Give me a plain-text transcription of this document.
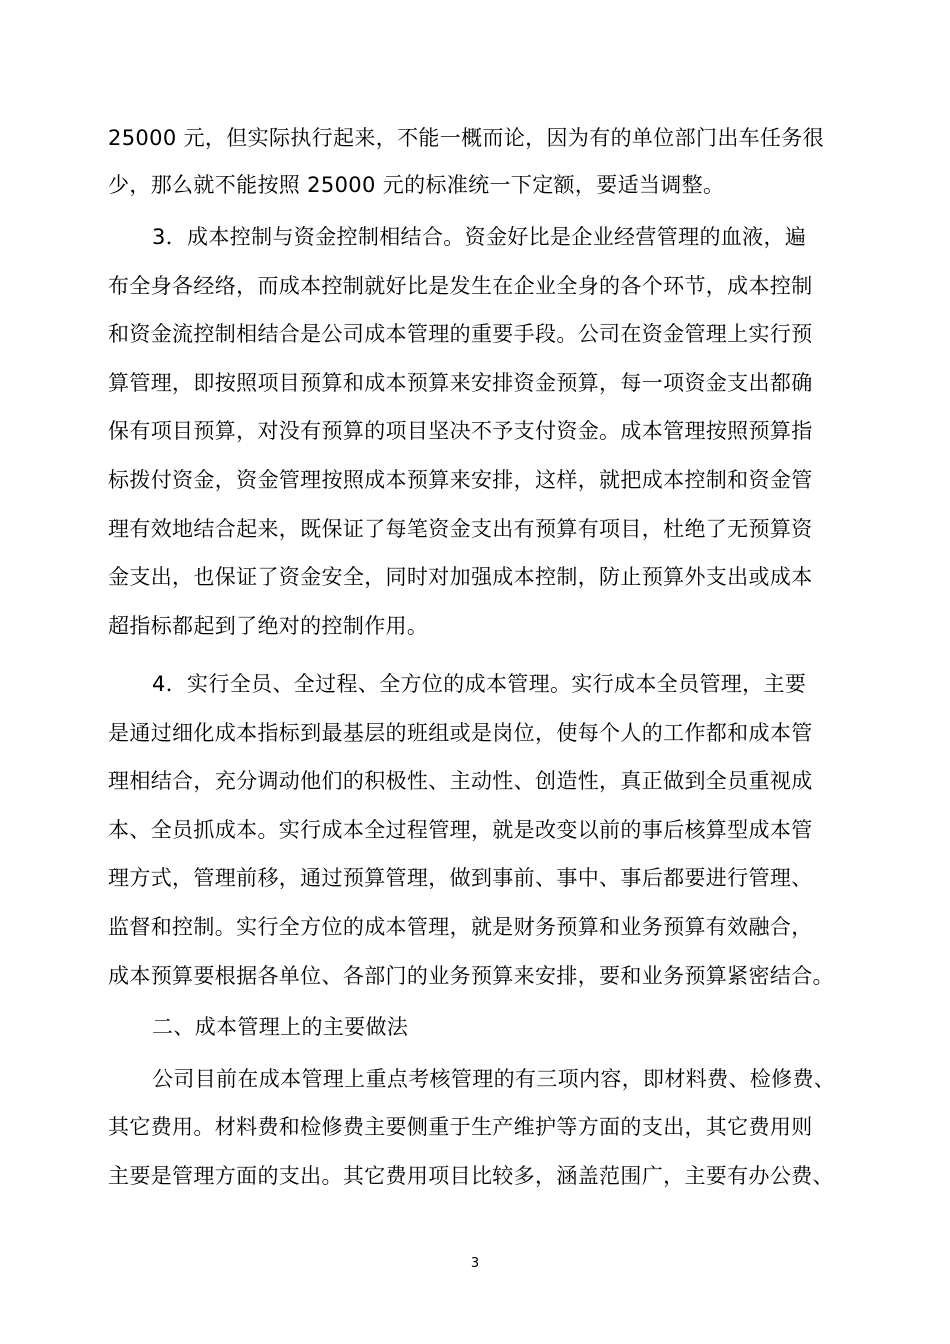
25000 元，但实际执行起来，不能一概而论，因为有的单位部门出车任务很
少，那么就不能按照 25000 元的标准统一下定额，要适当调整。
3．成本控制与资金控制相结合。资金好比是企业经营管理的血液，遍
布全身各经络，而成本控制就好比是发生在企业全身的各个环节，成本控制
和资金流控制相结合是公司成本管理的重要手段。公司在资金管理上实行预
算管理，即按照项目预算和成本预算来安排资金预算，每一项资金支出都确
保有项目预算，对没有预算的项目坚决不予支付资金。成本管理按照预算指
标拨付资金，资金管理按照成本预算来安排，这样，就把成本控制和资金管
理有效地结合起来，既保证了每笔资金支出有预算有项目，杜绝了无预算资
金支出，也保证了资金安全，同时对加强成本控制，防止预算外支出或成本
超指标都起到了绝对的控制作用。
4．实行全员、全过程、全方位的成本管理。实行成本全员管理，主要
是通过细化成本指标到最基层的班组或是岗位，使每个人的工作都和成本管
理相结合，充分调动他们的积极性、主动性、创造性，真正做到全员重视成
本、全员抓成本。实行成本全过程管理，就是改变以前的事后核算型成本管
理方式，管理前移，通过预算管理，做到事前、事中、事后都要进行管理、
监督和控制。实行全方位的成本管理，就是财务预算和业务预算有效融合，
成本预算要根据各单位、各部门的业务预算来安排，要和业务预算紧密结合。
二、成本管理上的主要做法
公司目前在成本管理上重点考核管理的有三项内容，即材料费、检修费、
其它费用。材料费和检修费主要侧重于生产维护等方面的支出，其它费用则
主要是管理方面的支出。其它费用项目比较多，涵盖范围广，主要有办公费、
3
